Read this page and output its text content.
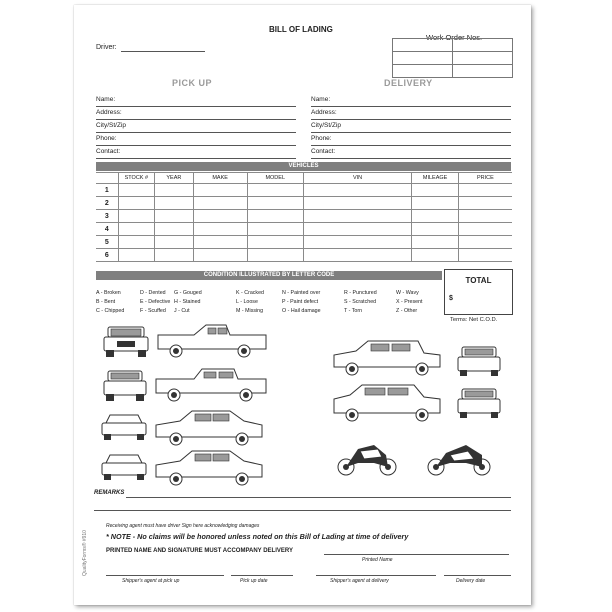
BILL OF LADING
Work Order Nos.
Driver:
PICK UP	DELIVERY
Name:
Address:
City/St/Zip
Phone:
Contact:
Name:
Address:
City/St/Zip
Phone:
Contact:
VEHICLES
	STOCK #	YEAR	MAKE	MODEL	VIN	MILEAGE	PRICE
1							
2							
3							
4							
5							
6							
CONDITION ILLUSTRATED BY LETTER CODE
A - Broken	D - Dented G - Gouged	K - Cracked	N - Painted over	R - Punctured	W - Wavy
B - Bent	E - Defective H - Stained	L - Loose	P - Paint defect	S - Scratched	X - Present
C - Chipped	F - Scuffed J - Cut	M - Missing	O - Hail damage	T - Torn	Z - Other
TOTAL
$
Terms: Net C.O.D.
REMARKS
Receiving agent must have driver Sign here acknowledging damages
* NOTE - No claims will be honored unless noted on this Bill of Lading at time of delivery
PRINTED NAME AND SIGNATURE MUST ACCOMPANY DELIVERY
Printed Name
Shipper's agent at pick up	Pick up date	Shipper's agent at delivery	Delivery date
QualityForms® #910
